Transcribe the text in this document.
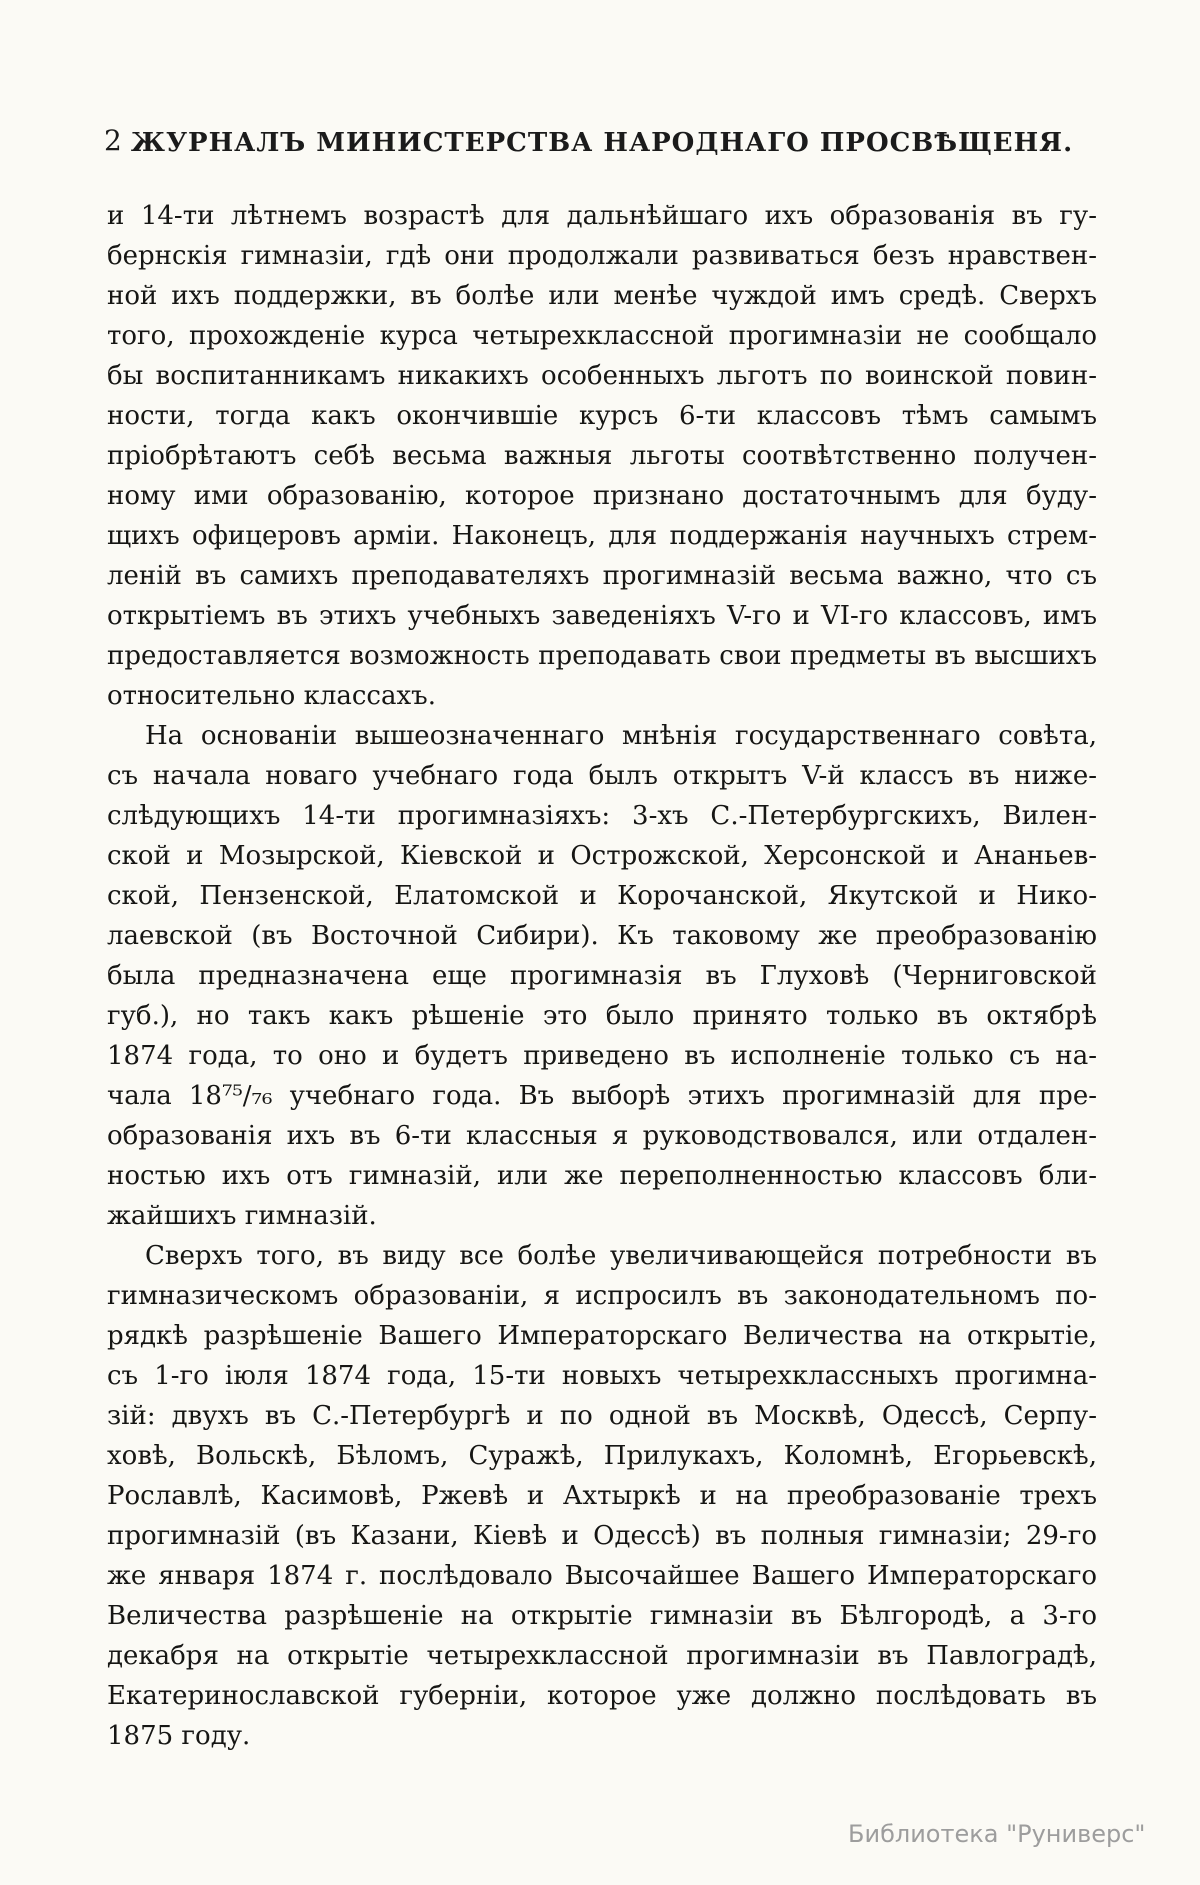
2 ЖУРНАЛЪ МИНИСТЕРСТВА НАРОДНАГО ПРОСВѢЩЕНЯ.
и 14-ти лѣтнемъ возрастѣ для дальнѣйшаго ихъ образованія въ гу-
бернскія гимназіи, гдѣ они продолжали развиваться безъ нравствен-
ной ихъ поддержки, въ болѣе или менѣе чуждой имъ средѣ. Сверхъ
того, прохожденіе курса четырехклассной прогимназіи не сообщало
бы воспитанникамъ никакихъ особенныхъ льготъ по воинской повин-
ности, тогда какъ окончившіе курсъ 6-ти классовъ тѣмъ самымъ
пріобрѣтаютъ себѣ весьма важныя льготы соотвѣтственно получен-
ному ими образованію, которое признано достаточнымъ для буду-
щихъ офицеровъ арміи. Наконецъ, для поддержанія научныхъ стрем-
леній въ самихъ преподавателяхъ прогимназій весьма важно, что съ
открытіемъ въ этихъ учебныхъ заведеніяхъ V-го и VI-го классовъ, имъ
предоставляется возможность преподавать свои предметы въ высшихъ
относительно классахъ.
На основаніи вышеозначеннаго мнѣнія государственнаго совѣта,
съ начала новаго учебнаго года былъ открытъ V-й классъ въ ниже-
слѣдующихъ 14-ти прогимназіяхъ: 3-хъ С.-Петербургскихъ, Вилен-
ской и Мозырской, Кіевской и Острожской, Херсонской и Ананьев-
ской, Пензенской, Елатомской и Корочанской, Якутской и Нико-
лаевской (въ Восточной Сибири). Къ таковому же преобразованію
была предназначена еще прогимназія въ Глуховѣ (Черниговской
губ.), но такъ какъ рѣшеніе это было принято только въ октябрѣ
1874 года, то оно и будетъ приведено въ исполненіе только съ на-
чала 18⁷⁵/₇₆ учебнаго года. Въ выборѣ этихъ прогимназій для пре-
образованія ихъ въ 6-ти классныя я руководствовался, или отдален-
ностью ихъ отъ гимназій, или же переполненностью классовъ бли-
жайшихъ гимназій.
Сверхъ того, въ виду все болѣе увеличивающейся потребности въ
гимназическомъ образованіи, я испросилъ въ законодательномъ по-
рядкѣ разрѣшеніе Вашего Императорскаго Величества на открытіе,
съ 1-го іюля 1874 года, 15-ти новыхъ четырехклассныхъ прогимна-
зій: двухъ въ С.-Петербургѣ и по одной въ Москвѣ, Одессѣ, Серпу-
ховѣ, Вольскѣ, Бѣломъ, Суражѣ, Прилукахъ, Коломнѣ, Егорьевскѣ,
Рославлѣ, Касимовѣ, Ржевѣ и Ахтыркѣ и на преобразованіе трехъ
прогимназій (въ Казани, Кіевѣ и Одессѣ) въ полныя гимназіи; 29-го
же января 1874 г. послѣдовало Высочайшее Вашего Императорскаго
Величества разрѣшеніе на открытіе гимназіи въ Бѣлгородѣ, а 3-го
декабря на открытіе четырехклассной прогимназіи въ Павлоградѣ,
Екатеринославской губерніи, которое уже должно послѣдовать въ
1875 году.
Библиотека "Руниверс"
